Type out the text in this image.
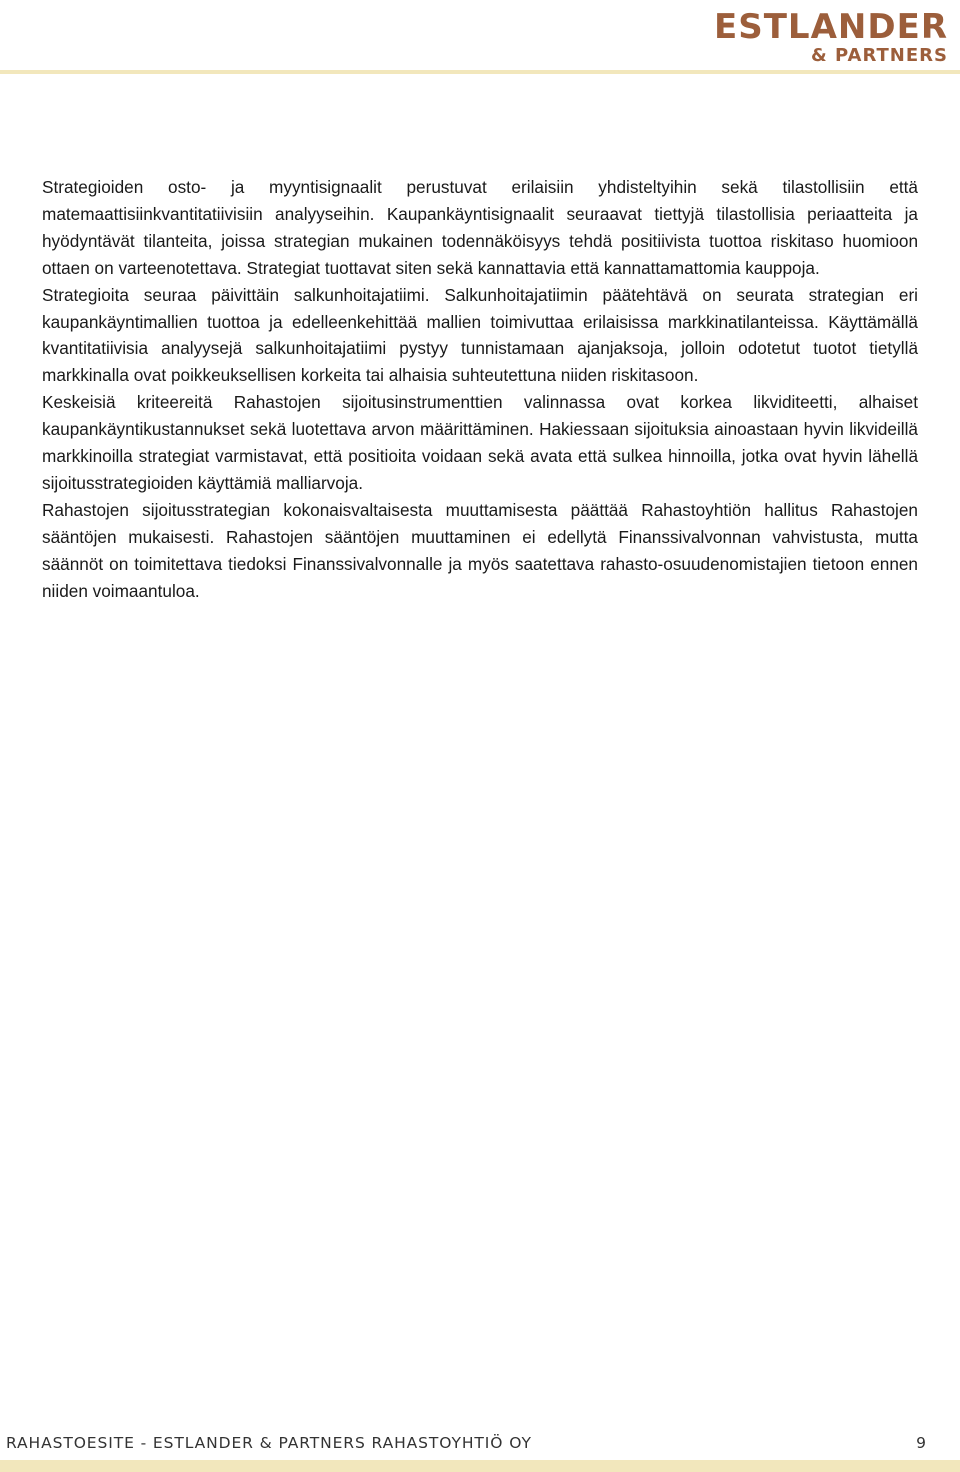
ESTLANDER
& PARTNERS

Strategioiden osto- ja myyntisignaalit perustuvat erilaisiin yhdisteltyihin sekä tilastollisiin että matemaattisiinkvantitatiivisiin analyyseihin. Kaupankäyntisignaalit seuraavat tiettyjä tilastollisia periaatteita ja hyödyntävät tilanteita, joissa strategian mukainen todennäköisyys tehdä positiivista tuottoa riskitaso huomioon ottaen on varteenotettava. Strategiat tuottavat siten sekä kannattavia että kannattamattomia kauppoja.

Strategioita seuraa päivittäin salkunhoitajatiimi. Salkunhoitajatiimin päätehtävä on seurata strategian eri kaupankäyntimallien tuottoa ja edelleenkehittää mallien toimivuttaa erilaisissa markkinatilanteissa. Käyttämällä kvantitatiivisia analyysejä salkunhoitajatiimi pystyy tunnistamaan ajanjaksoja, jolloin odotetut tuotot tietyllä markkinalla ovat poikkeuksellisen korkeita tai alhaisia suhteutettuna niiden riskitasoon.

Keskeisiä kriteereitä Rahastojen sijoitusinstrumenttien valinnassa ovat korkea likviditeetti, alhaiset kaupankäyntikustannukset sekä luotettava arvon määrittäminen. Hakiessaan sijoituksia ainoastaan hyvin likvideillä markkinoilla strategiat varmistavat, että positioita voidaan sekä avata että sulkea hinnoilla, jotka ovat hyvin lähellä sijoitusstrategioiden käyttämiä malliarvoja.

Rahastojen sijoitusstrategian kokonaisvaltaisesta muuttamisesta päättää Rahastoyhtiön hallitus Rahastojen sääntöjen mukaisesti. Rahastojen sääntöjen muuttaminen ei edellytä Finanssivalvonnan vahvistusta, mutta säännöt on toimitettava tiedoksi Finanssivalvonnalle ja myös saatettava rahasto-osuudenomistajien tietoon ennen niiden voimaantuloa.

RAHASTOESITE - ESTLANDER & PARTNERS RAHASTOYHTIÖ OY	9
